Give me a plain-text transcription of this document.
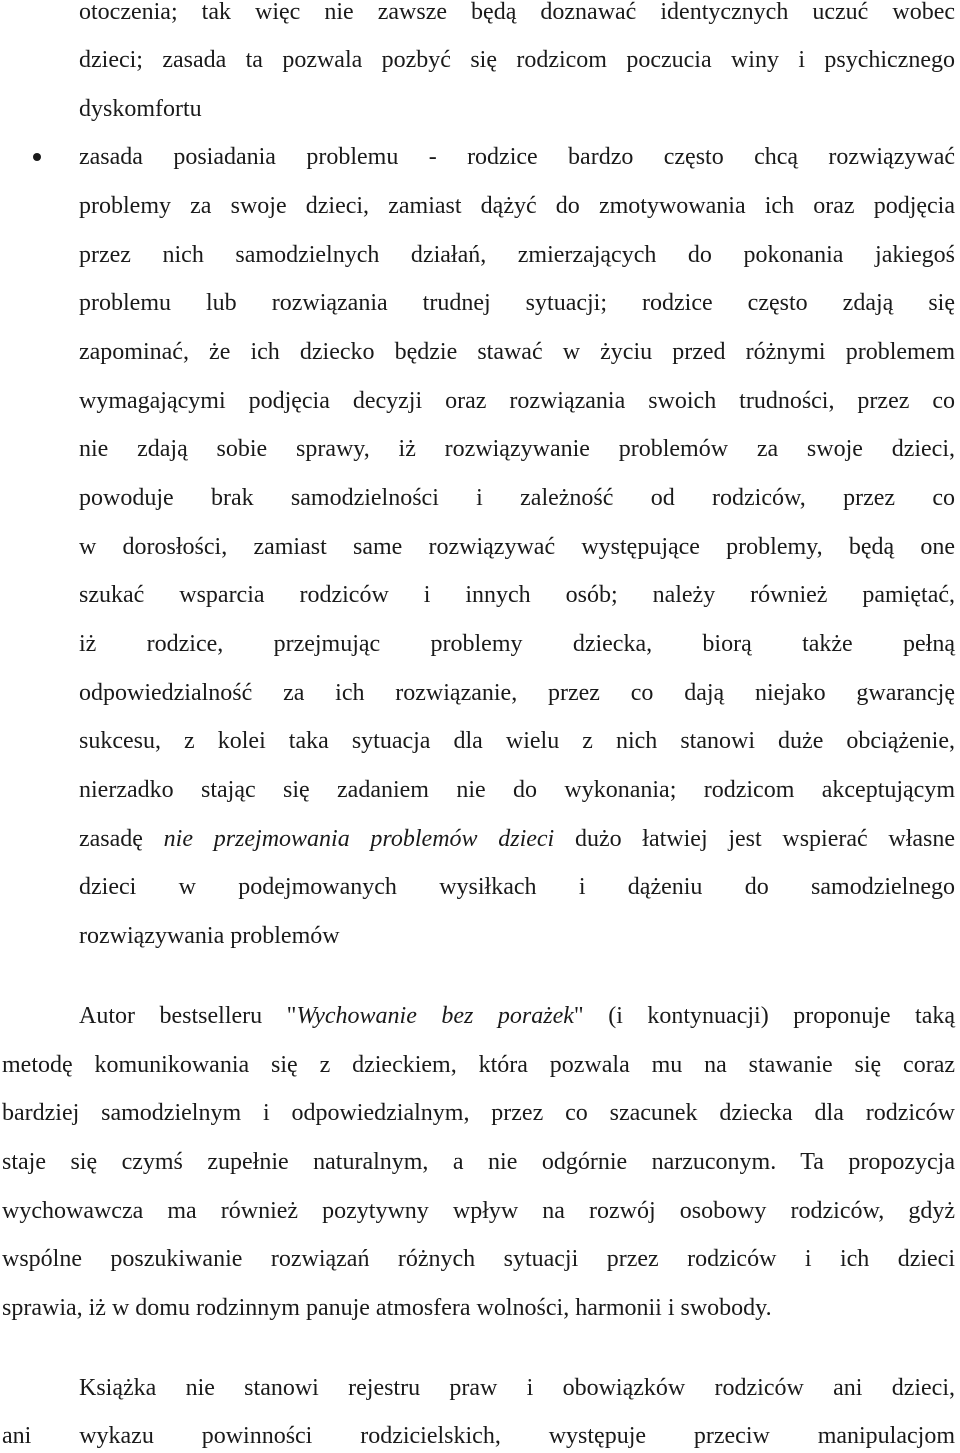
otoczenia; tak więc nie zawsze będą doznawać identycznych uczuć wobec

dzieci; zasada ta pozwala pozbyć się rodzicom poczucia winy i psychicznego

dyskomfortu

zasada posiadania problemu - rodzice bardzo często chcą rozwiązywać

problemy za swoje dzieci, zamiast dążyć do zmotywowania ich oraz podjęcia

przez nich samodzielnych działań, zmierzających do pokonania jakiegoś

problemu lub rozwiązania trudnej sytuacji; rodzice często zdają się

zapominać, że ich dziecko będzie stawać w życiu przed różnymi problemem

wymagającymi podjęcia decyzji oraz rozwiązania swoich trudności, przez co

nie zdają sobie sprawy, iż rozwiązywanie problemów za swoje dzieci,

powoduje brak samodzielności i zależność od rodziców, przez co

w dorosłości, zamiast same rozwiązywać występujące problemy, będą one

szukać wsparcia rodziców i innych osób; należy również pamiętać,

iż rodzice, przejmując problemy dziecka, biorą także pełną

odpowiedzialność za ich rozwiązanie, przez co dają niejako gwarancję

sukcesu, z kolei taka sytuacja dla wielu z nich stanowi duże obciążenie,

nierzadko stając się zadaniem nie do wykonania; rodzicom akceptującym

zasadę nie przejmowania problemów dzieci dużo łatwiej jest wspierać własne

dzieci w podejmowanych wysiłkach i dążeniu do samodzielnego

rozwiązywania problemów

Autor bestselleru "Wychowanie bez porażek" (i kontynuacji) proponuje taką

metodę komunikowania się z dzieckiem, która pozwala mu na stawanie się coraz

bardziej samodzielnym i odpowiedzialnym, przez co szacunek dziecka dla rodziców

staje się czymś zupełnie naturalnym, a nie odgórnie narzuconym. Ta propozycja

wychowawcza ma również pozytywny wpływ na rozwój osobowy rodziców, gdyż

wspólne poszukiwanie rozwiązań różnych sytuacji przez rodziców i ich dzieci

sprawia, iż w domu rodzinnym panuje atmosfera wolności, harmonii i swobody.

Książka nie stanowi rejestru praw i obowiązków rodziców ani dzieci,

ani wykazu powinności rodzicielskich, występuje przeciw manipulacjom
